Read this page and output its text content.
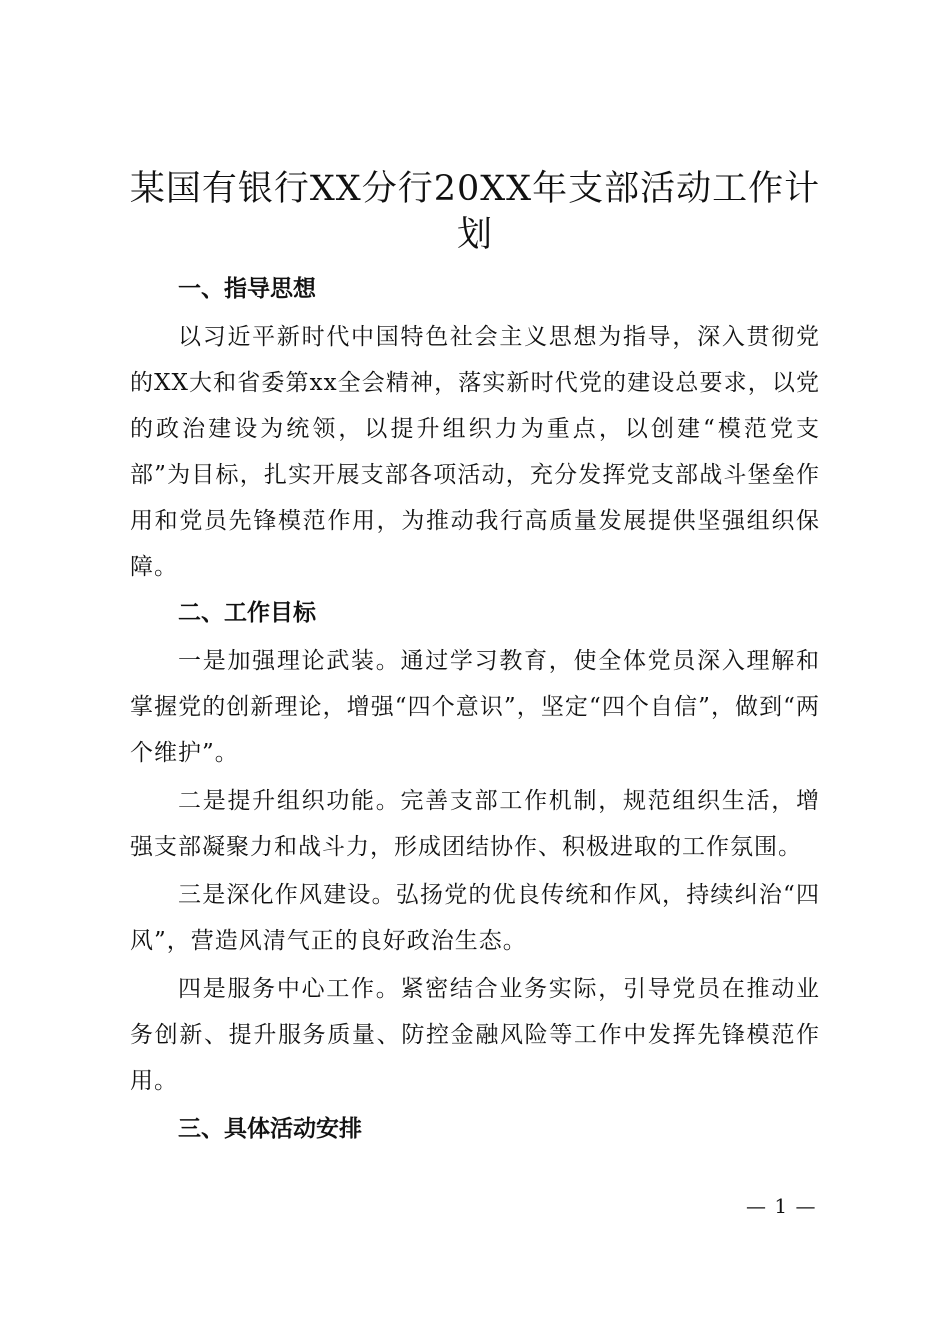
某国有银行XX分行20XX年支部活动工作计划
一、指导思想

以习近平新时代中国特色社会主义思想为指导，深入贯彻党的XX大和省委第xx全会精神，落实新时代党的建设总要求，以党的政治建设为统领，以提升组织力为重点，以创建“模范党支部”为目标，扎实开展支部各项活动，充分发挥党支部战斗堡垒作用和党员先锋模范作用，为推动我行高质量发展提供坚强组织保障。

二、工作目标

一是加强理论武装。通过学习教育，使全体党员深入理解和掌握党的创新理论，增强“四个意识”，坚定“四个自信”，做到“两个维护”。

二是提升组织功能。完善支部工作机制，规范组织生活，增强支部凝聚力和战斗力，形成团结协作、积极进取的工作氛围。

三是深化作风建设。弘扬党的优良传统和作风，持续纠治“四风”，营造风清气正的良好政治生态。

四是服务中心工作。紧密结合业务实际，引导党员在推动业务创新、提升服务质量、防控金融风险等工作中发挥先锋模范作用。

三、具体活动安排
— 1 —
